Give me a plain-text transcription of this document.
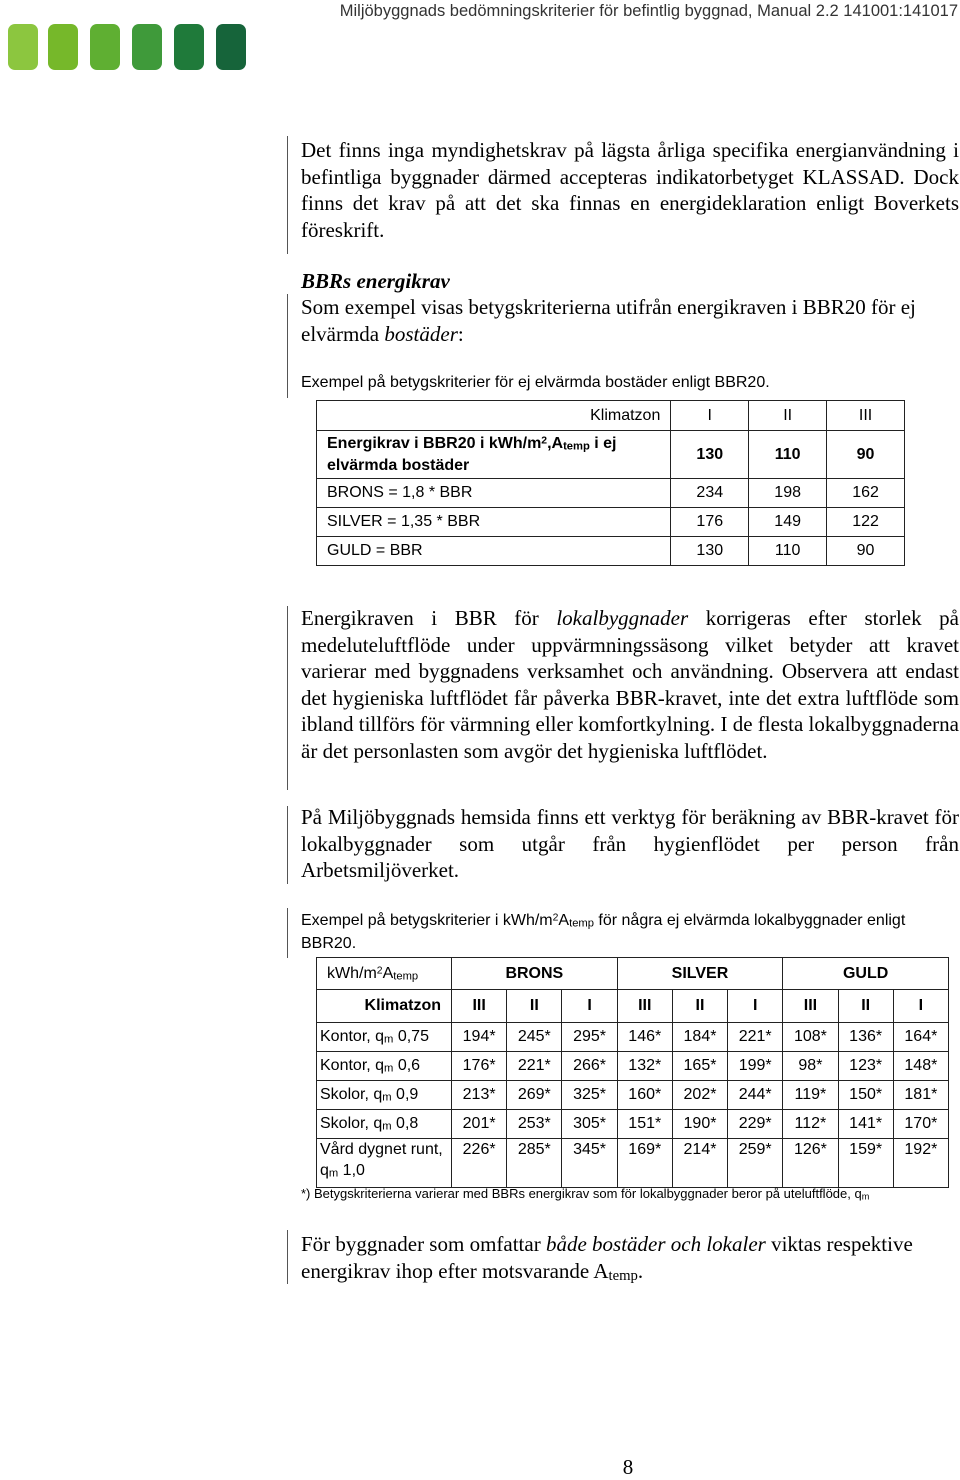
Miljöbyggnads bedömningskriterier för befintlig byggnad, Manual 2.2 141001:141017
Det finns inga myndighetskrav på lägsta årliga specifika energianvändning i befintliga byggnader därmed accepteras indikatorbetyget KLASSAD. Dock finns det krav på att det ska finnas en energideklaration enligt Boverkets föreskrift.
BBRs energikrav
Som exempel visas betygskriterierna utifrån energikraven i BBR20 för ej elvärmda bostäder:
Exempel på betygskriterier för ej elvärmda bostäder enligt BBR20.
Klimatzon	I	II	III
Energikrav i BBR20 i kWh/$m^2,A_{temp}$ i ej elvärmda bostäder	130	110	90
BRONS = 1,8 * BBR	234	198	162
SILVER = 1,35 * BBR	176	149	122
GULD = BBR	130	110	90
Energikraven i BBR för lokalbyggnader korrigeras efter storlek på medeluteluftflöde under uppvärmningssäsong vilket betyder att kravet varierar med byggnadens verksamhet och användning. Observera att endast det hygieniska luftflödet får påverka BBR-kravet, inte det extra luftflöde som ibland tillförs för värmning eller komfortkylning. I de flesta lokalbyggnaderna är det personlasten som avgör det hygieniska luftflödet.
På Miljöbyggnads hemsida finns ett verktyg för beräkning av BBR-kravet för lokalbyggnader som utgår från hygienflödet per person från Arbetsmiljöverket.
Exempel på betygskriterier i kWh/$m^2A_{temp}$ för några ej elvärmda lokalbyggnader enligt BBR20.
kWh/$m^2A_{temp}$	BRONS			SILVER			GULD		
Klimatzon	III	II	I	III	II	I	III	II	I
Kontor, $q_m$ 0,75	194*	245*	295*	146*	184*	221*	108*	136*	164*
Kontor, $q_m$ 0,6	176*	221*	266*	132*	165*	199*	98*	123*	148*
Skolor, $q_m$ 0,9	213*	269*	325*	160*	202*	244*	119*	150*	181*
Skolor, $q_m$ 0,8	201*	253*	305*	151*	190*	229*	112*	141*	170*
Vård dygnet runt, $q_m$ 1,0	226*	285*	345*	169*	214*	259*	126*	159*	192*
*) Betygskriterierna varierar med BBRs energikrav som för lokalbyggnader beror på uteluftflöde, $q_m$
För byggnader som omfattar både bostäder och lokaler viktas respektive energikrav ihop efter motsvarande $A_{temp}$.
8
